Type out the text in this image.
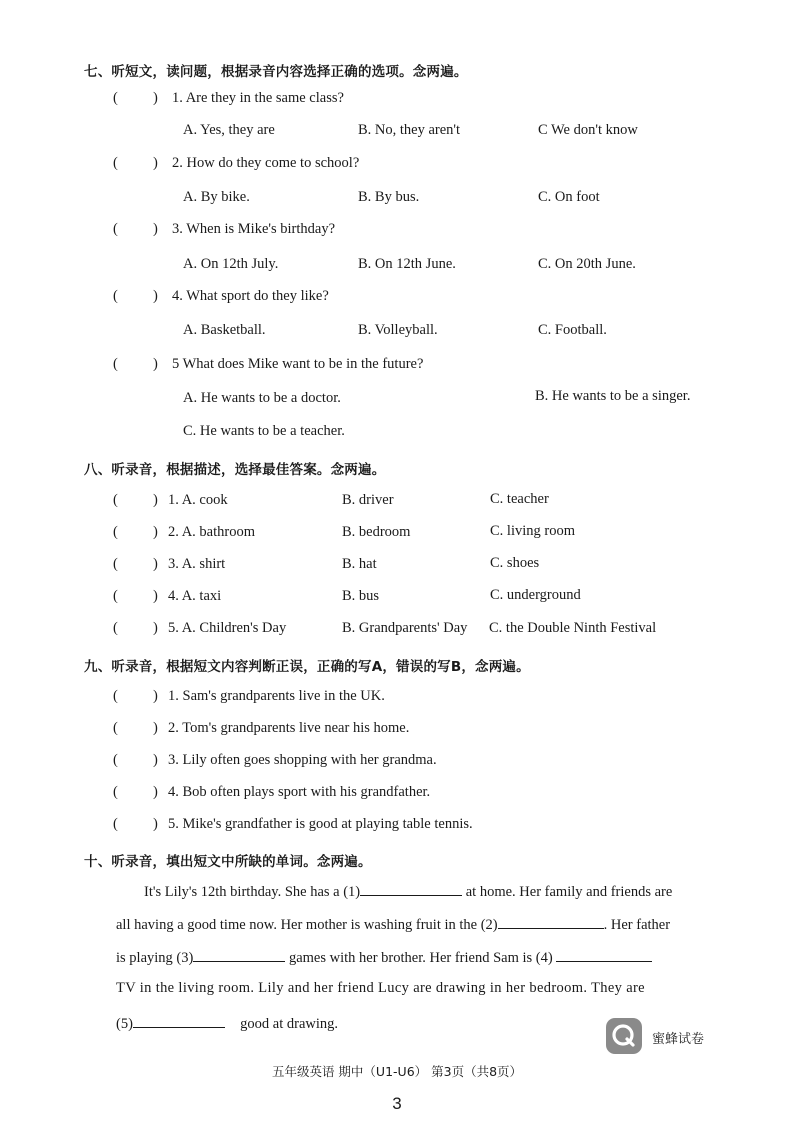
七、听短文，读问题，根据录音内容选择正确的选项。念两遍。
( ) 1. Are they in the same class?
A. Yes, they are	B. No, they aren't	C We don't know
( ) 2. How do they come to school?
A. By bike.	B. By bus.	C. On foot
( ) 3. When is Mike's birthday?
A. On 12th July.	B. On 12th June.	C. On 20th June.
( ) 4. What sport do they like?
A. Basketball.	B. Volleyball.	C. Football.
( ) 5 What does Mike want to be in the future?
A. He wants to be a doctor.	B. He wants to be a singer.
C. He wants to be a teacher.
八、听录音，根据描述，选择最佳答案。念两遍。
( ) 1. A. cook	B. driver	C. teacher
( ) 2. A. bathroom	B. bedroom	C. living room
( ) 3. A. shirt	B. hat	C. shoes
( ) 4. A. taxi	B. bus	C. underground
( ) 5. A. Children's Day	B. Grandparents' Day C. the Double Ninth Festival
九、听录音，根据短文内容判断正误，正确的写A，错误的写B，念两遍。
( ) 1. Sam's grandparents live in the UK.
( ) 2. Tom's grandparents live near his home.
( ) 3. Lily often goes shopping with her grandma.
( ) 4. Bob often plays sport with his grandfather.
( ) 5. Mike's grandfather is good at playing table tennis.
十、听录音，填出短文中所缺的单词。念两遍。
It's Lily's 12th birthday. She has a (1)	at home. Her family and friends are
all having a good time now. Her mother is washing fruit in the (2)	. Her father
is playing (3)	games with her brother. Her friend Sam is (4)
TV in the living room. Lily and her friend Lucy are drawing in her bedroom. They are
(5)	good at drawing.
蜜蜂试卷
五年级英语 期中（U1-U6） 第3页（共8页）
3
